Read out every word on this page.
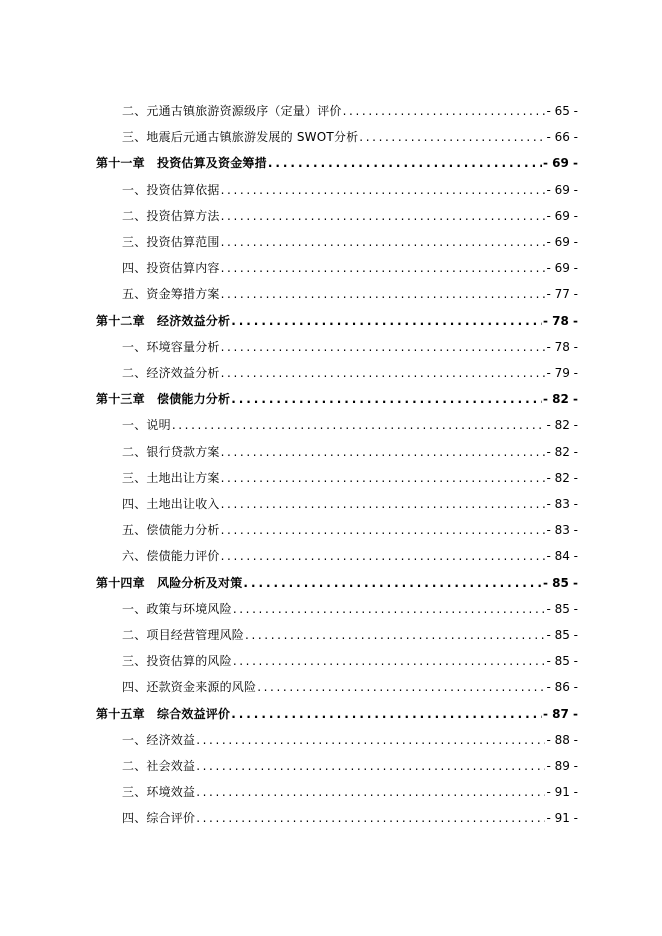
二、元通古镇旅游资源级序（定量）评价 . . .	- 65 -
三、地震后元通古镇旅游发展的 SWOT分析 . . .	- 66 -
第十一章　投资估算及资金筹措 . . .	- 69 -
一、投资估算依据 . . .	- 69 -
二、投资估算方法 . . .	- 69 -
三、投资估算范围 . . .	- 69 -
四、投资估算内容 . . .	- 69 -
五、资金筹措方案 . . .	- 77 -
第十二章　经济效益分析 . . .	- 78 -
一、环境容量分析 . . .	- 78 -
二、经济效益分析 . . .	- 79 -
第十三章　偿债能力分析 . . .	- 82 -
一、说明 . . .	- 82 -
二、银行贷款方案 . . .	- 82 -
三、土地出让方案 . . .	- 82 -
四、土地出让收入 . . .	- 83 -
五、偿债能力分析 . . .	- 83 -
六、偿债能力评价 . . .	- 84 -
第十四章　风险分析及对策 . . .	- 85 -
一、政策与环境风险 . . .	- 85 -
二、项目经营管理风险 . . .	- 85 -
三、投资估算的风险 . . .	- 85 -
四、还款资金来源的风险 . . .	- 86 -
第十五章　综合效益评价 . . .	- 87 -
一、经济效益 . . .	- 88 -
二、社会效益 . . .	- 89 -
三、环境效益 . . .	- 91 -
四、综合评价 . . .	- 91 -
